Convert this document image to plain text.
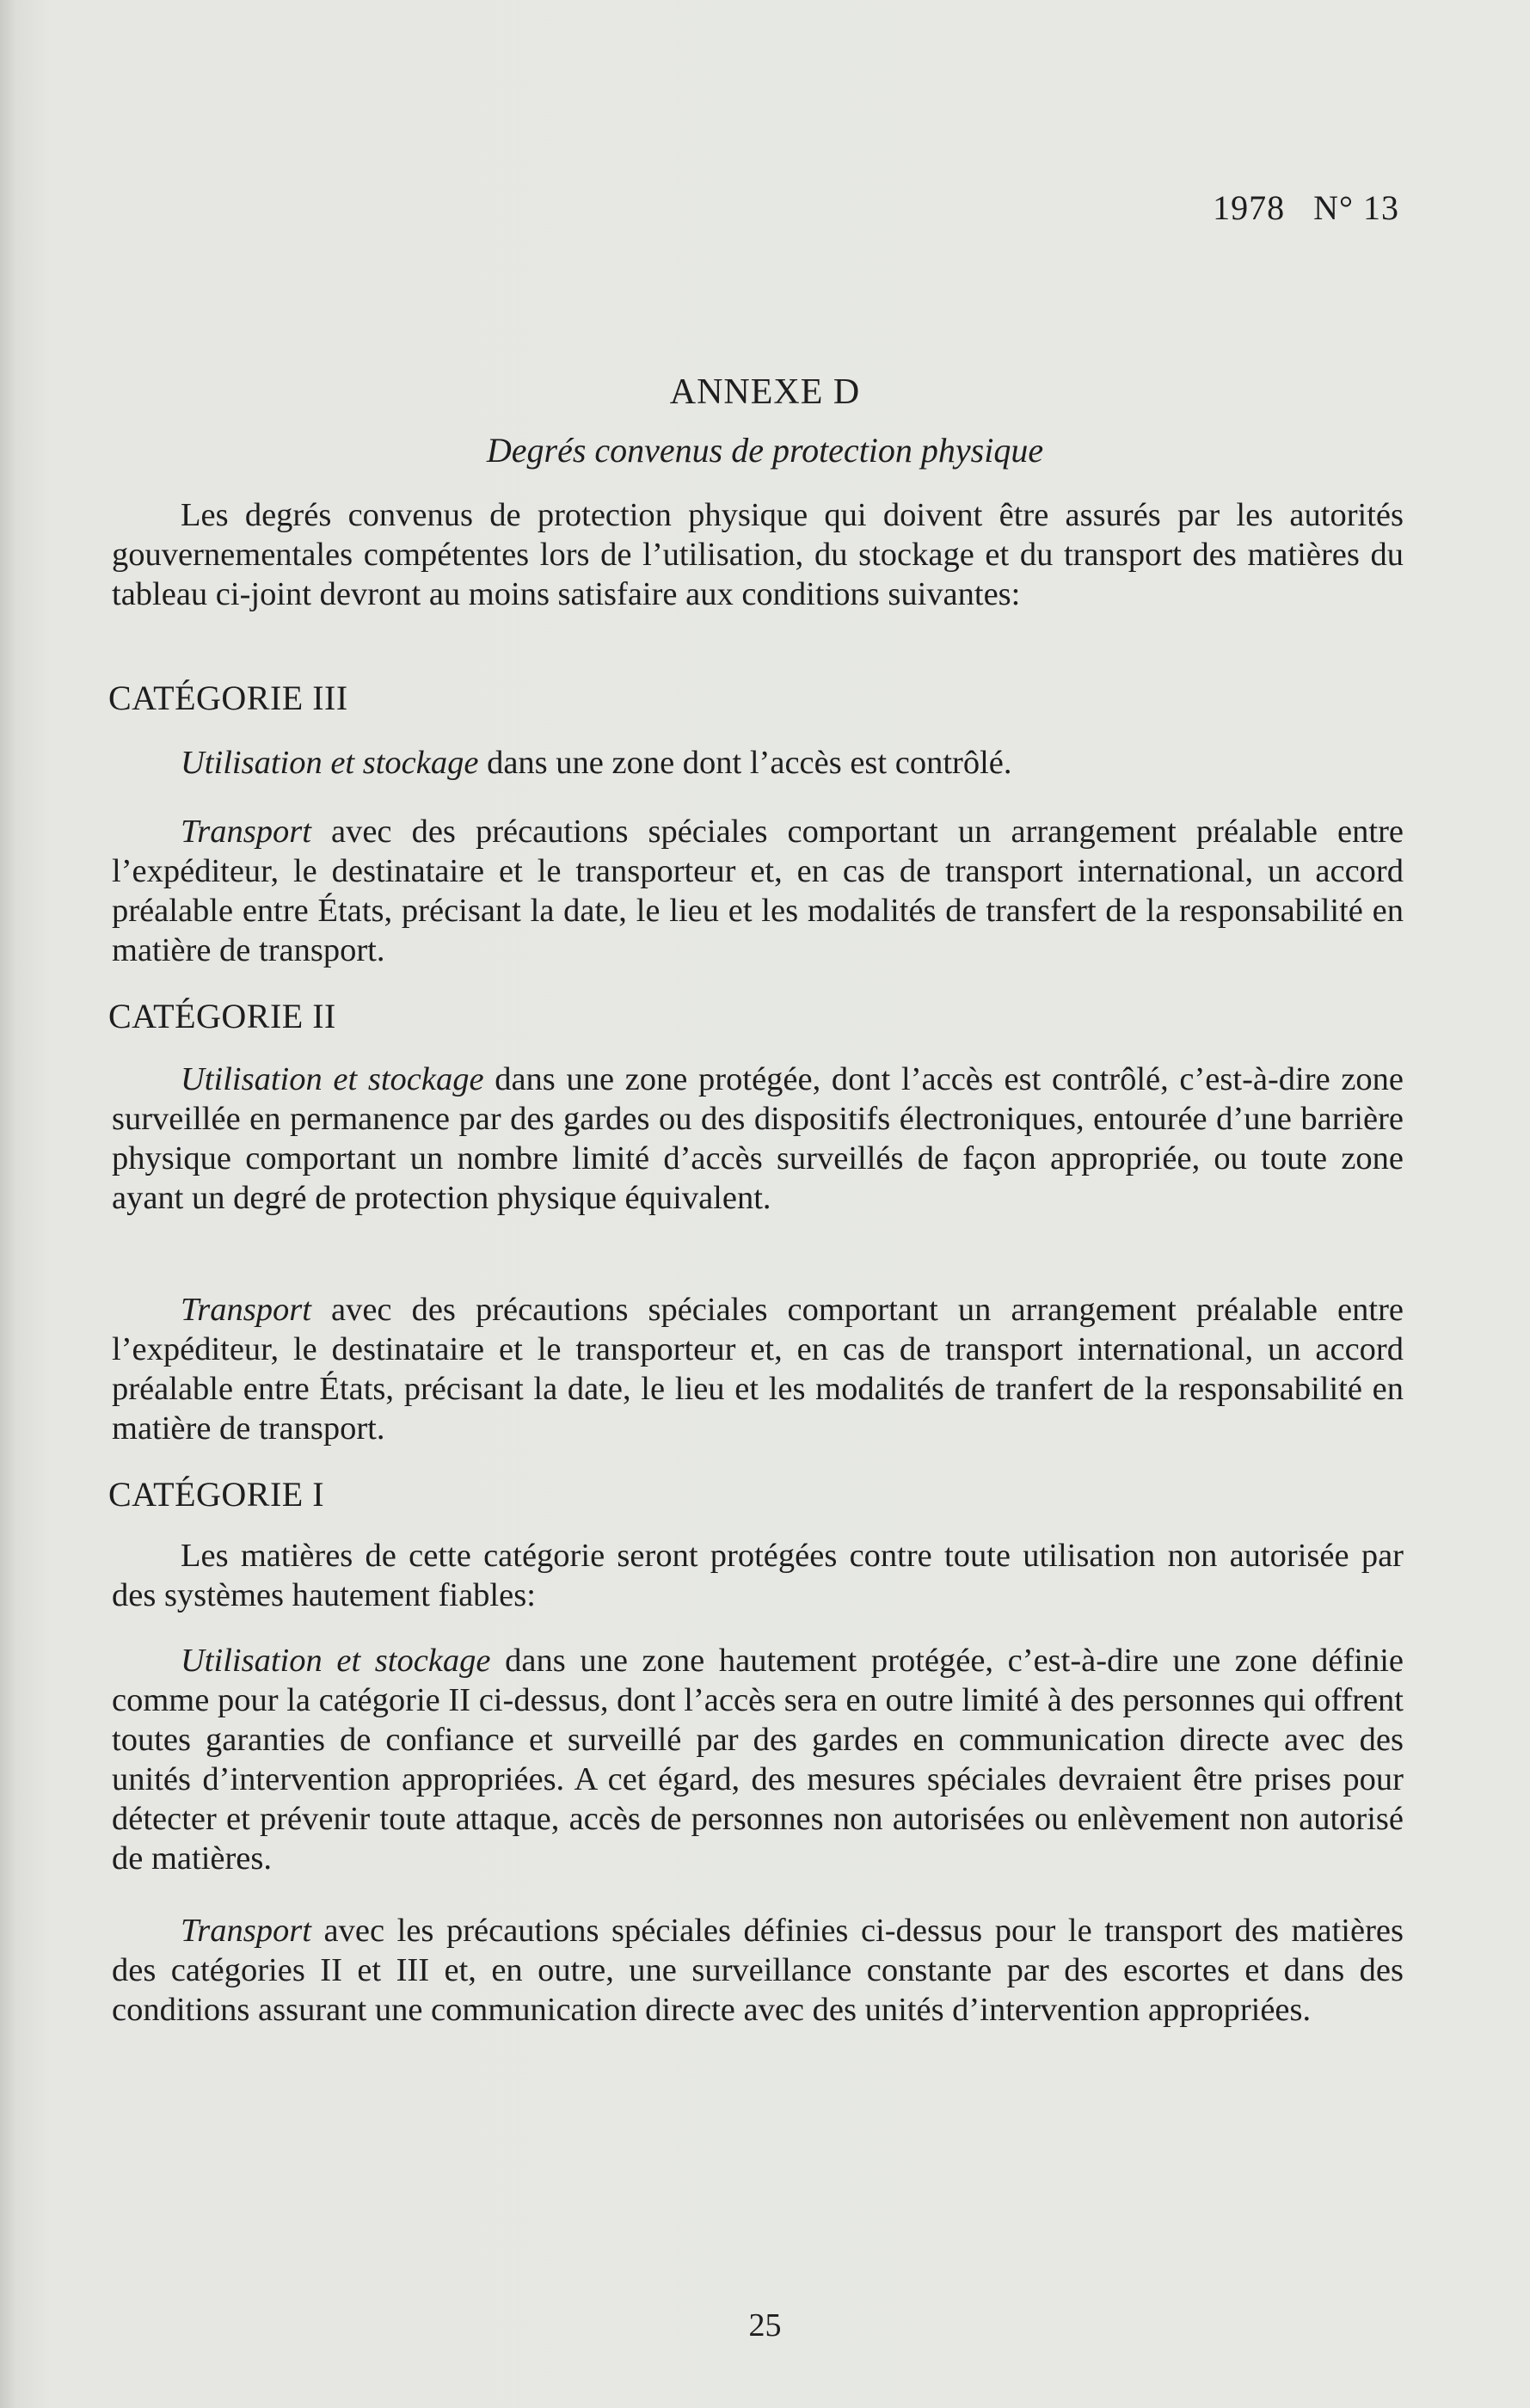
1978   N° 13
ANNEXE D
Degrés convenus de protection physique

Les degrés convenus de protection physique qui doivent être assurés par les autorités gouvernementales compétentes lors de l’utilisation, du stockage et du transport des matières du tableau ci-joint devront au moins satisfaire aux conditions suivantes:

CATÉGORIE III

Utilisation et stockage dans une zone dont l’accès est contrôlé.

Transport avec des précautions spéciales comportant un arrangement préalable entre l’expéditeur, le destinataire et le transporteur et, en cas de transport international, un accord préalable entre États, précisant la date, le lieu et les modalités de transfert de la responsabilité en matière de transport.

CATÉGORIE II

Utilisation et stockage dans une zone protégée, dont l’accès est contrôlé, c’est-à-dire zone surveillée en permanence par des gardes ou des dispositifs électroniques, entourée d’une barrière physique comportant un nombre limité d’accès surveillés de façon appropriée, ou toute zone ayant un degré de protection physique équivalent.

Transport avec des précautions spéciales comportant un arrangement préalable entre l’expéditeur, le destinataire et le transporteur et, en cas de transport international, un accord préalable entre États, précisant la date, le lieu et les modalités de tranfert de la responsabilité en matière de transport.

CATÉGORIE I

Les matières de cette catégorie seront protégées contre toute utilisation non autorisée par des systèmes hautement fiables:

Utilisation et stockage dans une zone hautement protégée, c’est-à-dire une zone définie comme pour la catégorie II ci-dessus, dont l’accès sera en outre limité à des personnes qui offrent toutes garanties de confiance et surveillé par des gardes en communication directe avec des unités d’intervention appropriées. A cet égard, des mesures spéciales devraient être prises pour détecter et prévenir toute attaque, accès de personnes non autorisées ou enlèvement non autorisé de matières.

Transport avec les précautions spéciales définies ci-dessus pour le transport des matières des catégories II et III et, en outre, une surveillance constante par des escortes et dans des conditions assurant une communication directe avec des unités d’intervention appropriées.

25
